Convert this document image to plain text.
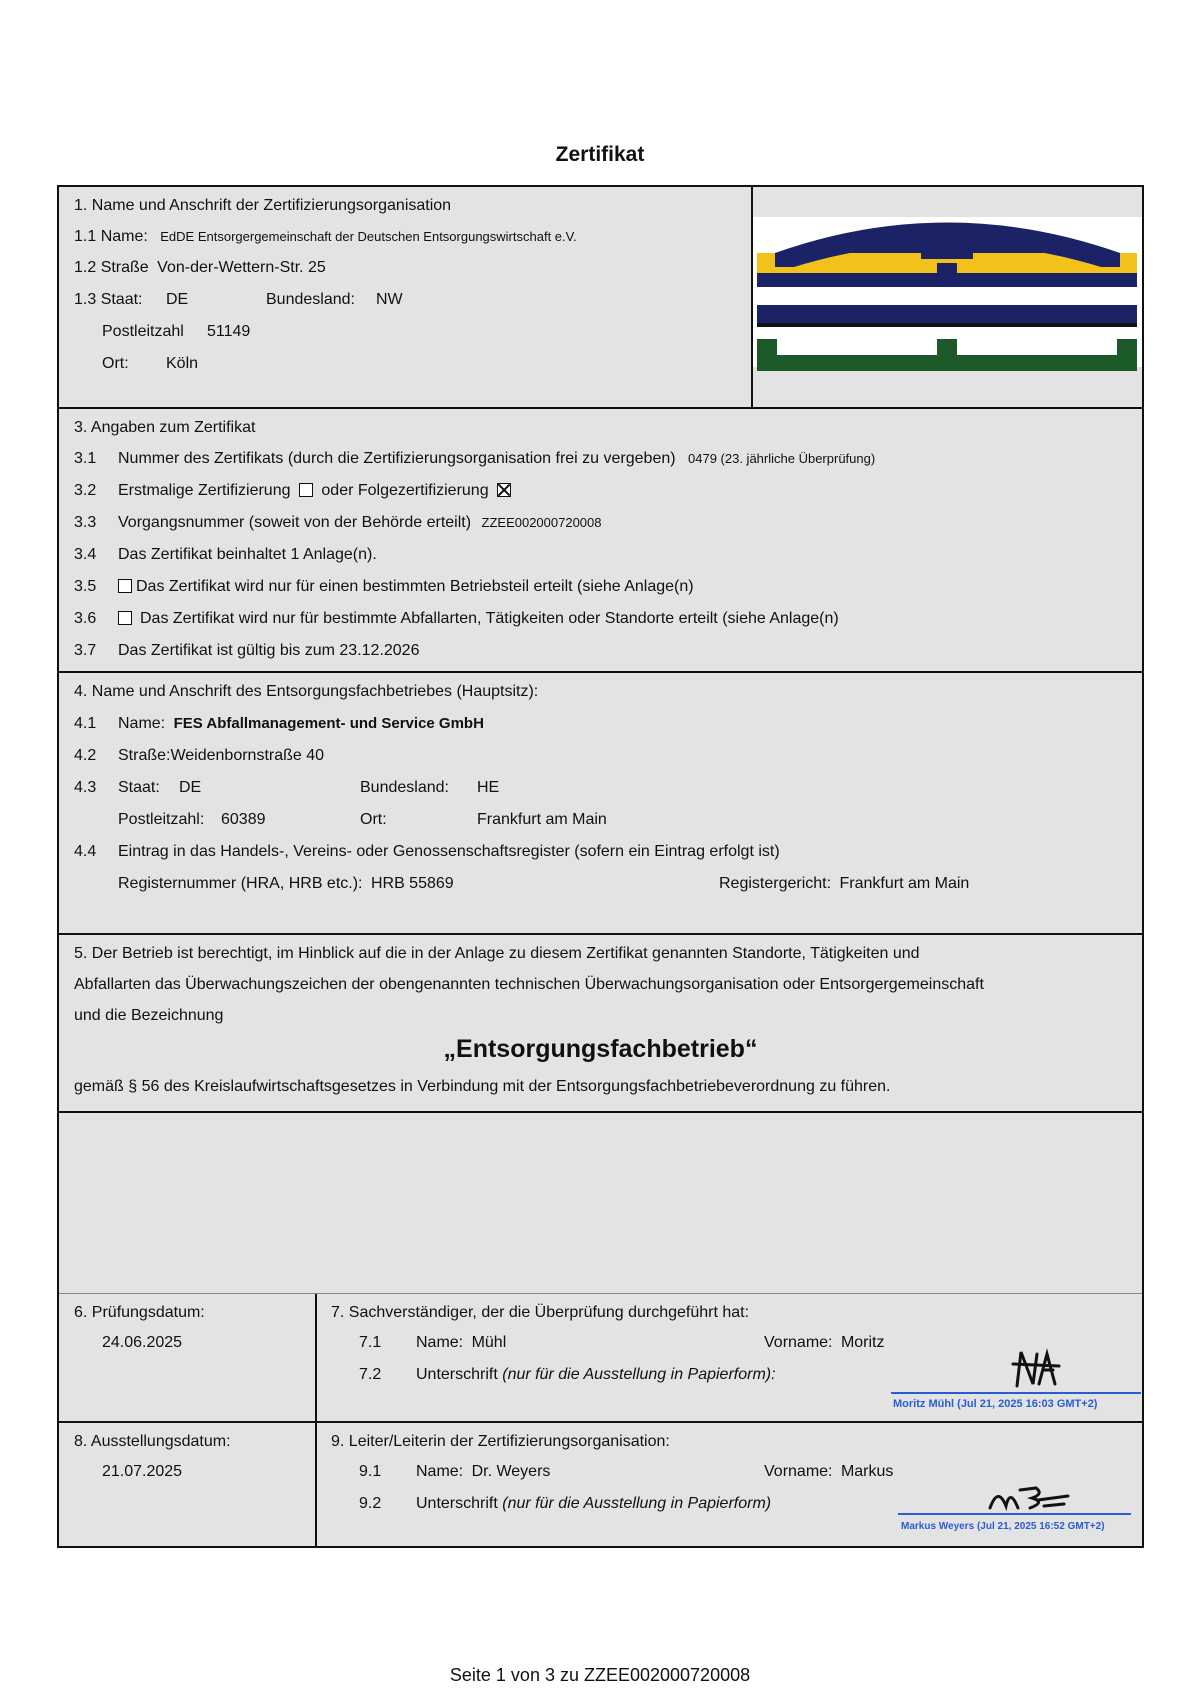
Zertifikat
1. Name und Anschrift der Zertifizierungsorganisation
1.1 Name: EdDE Entsorgergemeinschaft der Deutschen Entsorgungswirtschaft e.V.
1.2 Straße Von-der-Wettern-Str. 25
1.3 Staat: DE	Bundesland: NW
Postleitzahl 51149
Ort: Köln
3. Angaben zum Zertifikat
3.1 Nummer des Zertifikats (durch die Zertifizierungsorganisation frei zu vergeben) 0479 (23. jährliche Überprüfung)
3.2 Erstmalige Zertifizierung oder Folgezertifizierung
3.3 Vorgangsnummer (soweit von der Behörde erteilt) ZZEE002000720008
3.4 Das Zertifikat beinhaltet 1 Anlage(n).
3.5 Das Zertifikat wird nur für einen bestimmten Betriebsteil erteilt (siehe Anlage(n)
3.6	Das Zertifikat wird nur für bestimmte Abfallarten, Tätigkeiten oder Standorte erteilt (siehe Anlage(n)
3.7 Das Zertifikat ist gültig bis zum 23.12.2026
4. Name und Anschrift des Entsorgungsfachbetriebes (Hauptsitz):
4.1 Name: FES Abfallmanagement- und Service GmbH
4.2 Straße:Weidenbornstraße 40
4.3 Staat: DE	Bundesland: HE
Postleitzahl: 60389	Ort:	Frankfurt am Main
4.4 Eintrag in das Handels-, Vereins- oder Genossenschaftsregister (sofern ein Eintrag erfolgt ist)
Registernummer (HRA, HRB etc.): HRB 55869	Registergericht: Frankfurt am Main
5. Der Betrieb ist berechtigt, im Hinblick auf die in der Anlage zu diesem Zertifikat genannten Standorte, Tätigkeiten und
Abfallarten das Überwachungszeichen der obengenannten technischen Überwachungsorganisation oder Entsorgergemeinschaft
und die Bezeichnung
„Entsorgungsfachbetrieb“
gemäß § 56 des Kreislaufwirtschaftsgesetzes in Verbindung mit der Entsorgungsfachbetriebeverordnung zu führen.
6. Prüfungsdatum:
24.06.2025
7. Sachverständiger, der die Überprüfung durchgeführt hat:
7.1 Name: Mühl	Vorname: Moritz
7.2 Unterschrift (nur für die Ausstellung in Papierform):
Moritz Mühl (Jul 21, 2025 16:03 GMT+2)
8. Ausstellungsdatum:
21.07.2025
9. Leiter/Leiterin der Zertifizierungsorganisation:
9.1 Name: Dr. Weyers	Vorname: Markus
9.2 Unterschrift (nur für die Ausstellung in Papierform)
Markus Weyers (Jul 21, 2025 16:52 GMT+2)
Seite 1 von 3 zu ZZEE002000720008
